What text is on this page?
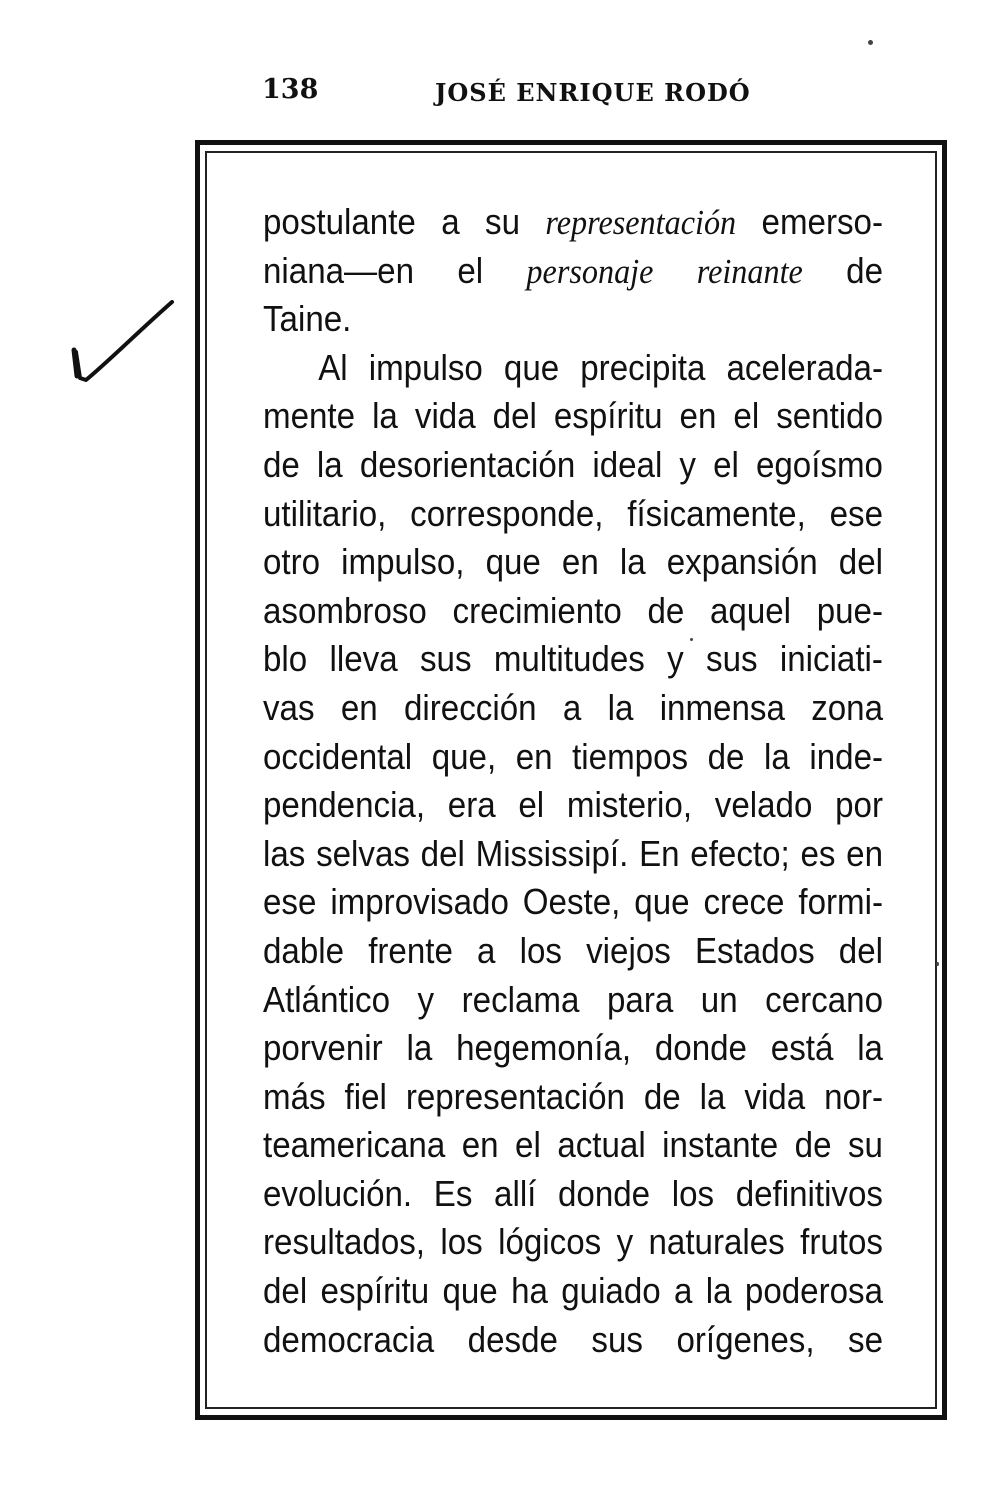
138	JOSÉ ENRIQUE RODÓ
postulante a su representación emerso-
niana—en el personaje reinante de
Taine.
Al impulso que precipita acelerada-
mente la vida del espíritu en el sentido
de la desorientación ideal y el egoísmo
utilitario, corresponde, físicamente, ese
otro impulso, que en la expansión del
asombroso crecimiento de aquel pue-
blo lleva sus multitudes y sus iniciati-
vas en dirección a la inmensa zona
occidental que, en tiempos de la inde-
pendencia, era el misterio, velado por
las selvas del Mississipí. En efecto; es en
ese improvisado Oeste, que crece formi-
dable frente a los viejos Estados del
Atlántico y reclama para un cercano
porvenir la hegemonía, donde está la
más fiel representación de la vida nor-
teamericana en el actual instante de su
evolución. Es allí donde los definitivos
resultados, los lógicos y naturales frutos
del espíritu que ha guiado a la poderosa
democracia desde sus orígenes, se
